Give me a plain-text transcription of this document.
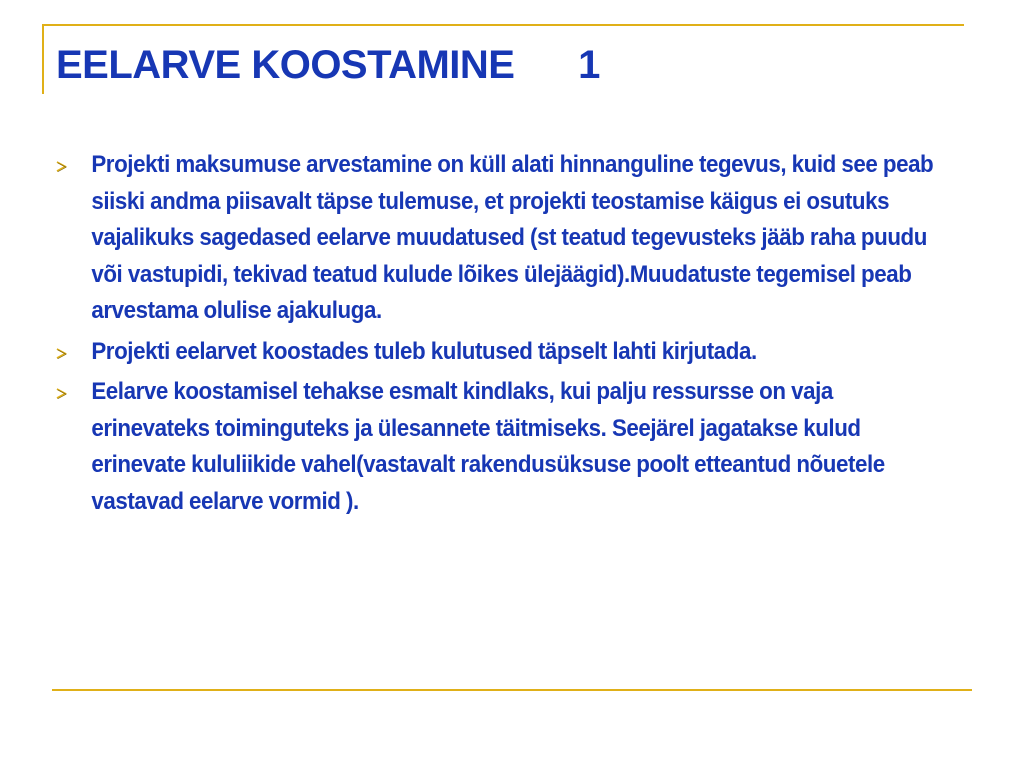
EELARVE KOOSTAMINE      1
Projekti maksumuse arvestamine on küll alati hinnanguline tegevus, kuid see peab siiski andma piisavalt täpse tulemuse, et projekti teostamise käigus ei osutuks vajalikuks sagedased eelarve muudatused (st teatud tegevusteks jääb raha puudu või vastupidi, tekivad teatud kulude lõikes ülejäägid).Muudatuste tegemisel peab arvestama olulise ajakuluga.
Projekti eelarvet koostades tuleb kulutused täpselt lahti kirjutada.
Eelarve koostamisel tehakse esmalt kindlaks, kui palju ressursse on vaja erinevateks toiminguteks ja ülesannete täitmiseks. Seejärel jagatakse kulud erinevate kululiikide vahel(vastavalt rakendusüksuse poolt etteantud nõuetele vastavad eelarve vormid ).
